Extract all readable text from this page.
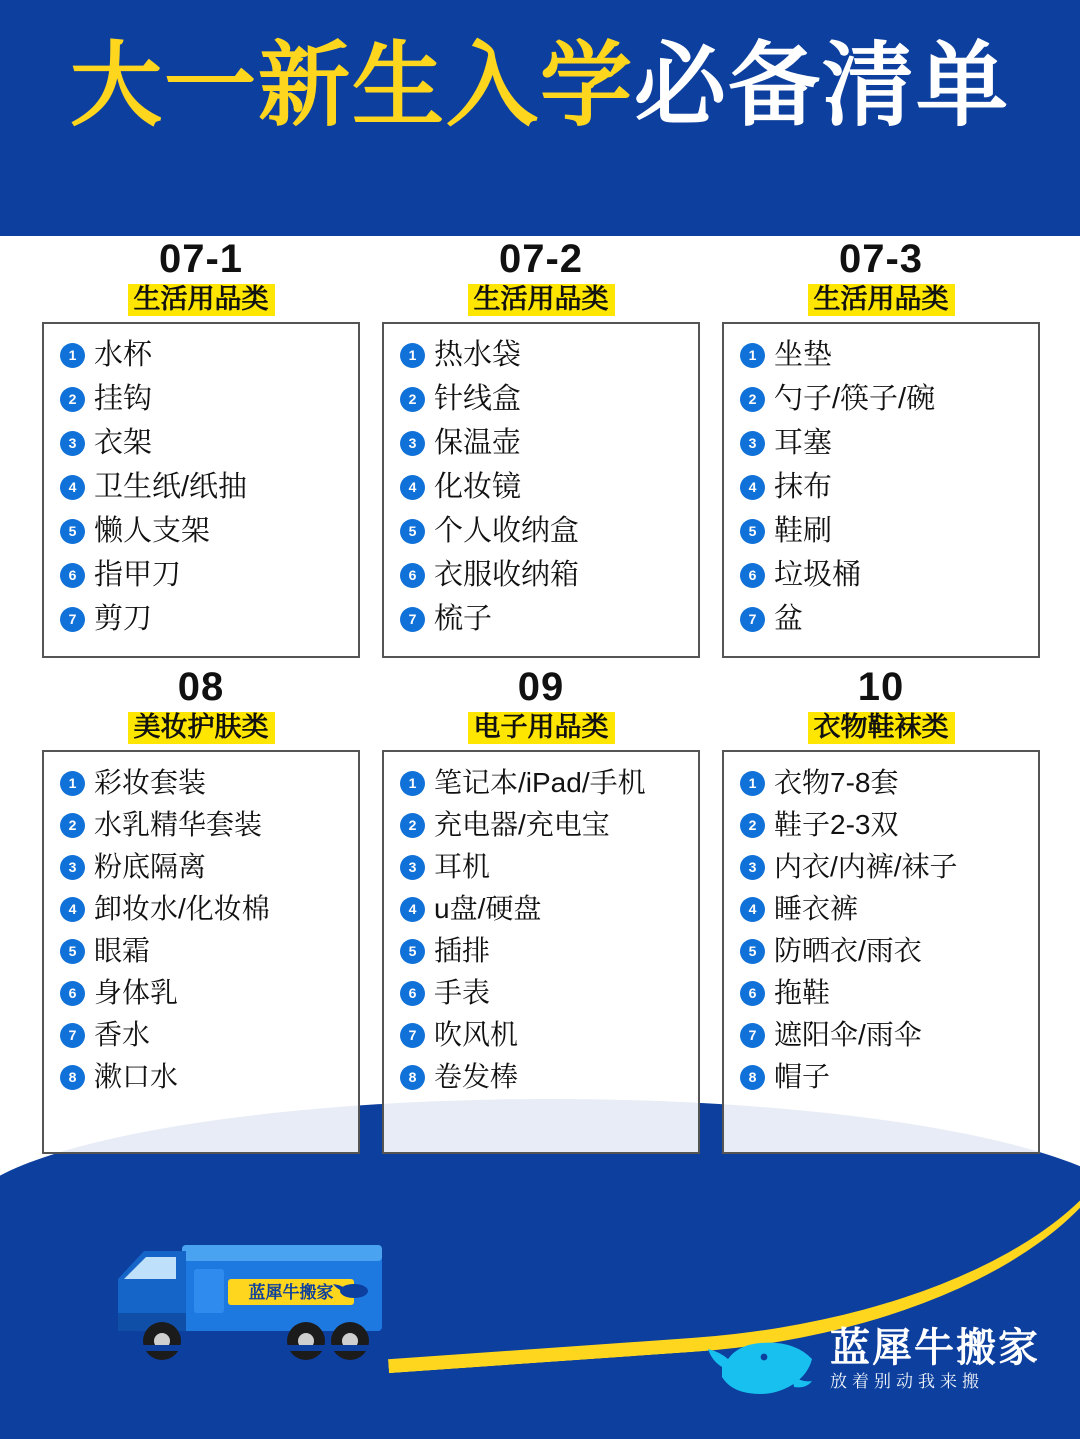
大一新生入学必备清单
07-1
生活用品类
1 水杯
2 挂钩
3 衣架
4 卫生纸/纸抽
5 懒人支架
6 指甲刀
7 剪刀
07-2
生活用品类
1 热水袋
2 针线盒
3 保温壶
4 化妆镜
5 个人收纳盒
6 衣服收纳箱
7 梳子
07-3
生活用品类
1 坐垫
2 勺子/筷子/碗
3 耳塞
4 抹布
5 鞋刷
6 垃圾桶
7 盆
08
美妆护肤类
1 彩妆套装
2 水乳精华套装
3 粉底隔离
4 卸妆水/化妆棉
5 眼霜
6 身体乳
7 香水
8 漱口水
09
电子用品类
1 笔记本/iPad/手机
2 充电器/充电宝
3 耳机
4 u盘/硬盘
5 插排
6 手表
7 吹风机
8 卷发棒
10
衣物鞋袜类
1 衣物7-8套
2 鞋子2-3双
3 内衣/内裤/袜子
4 睡衣裤
5 防晒衣/雨衣
6 拖鞋
7 遮阳伞/雨伞
8 帽子
蓝犀牛搬家
蓝犀牛搬家
放着别动我来搬
